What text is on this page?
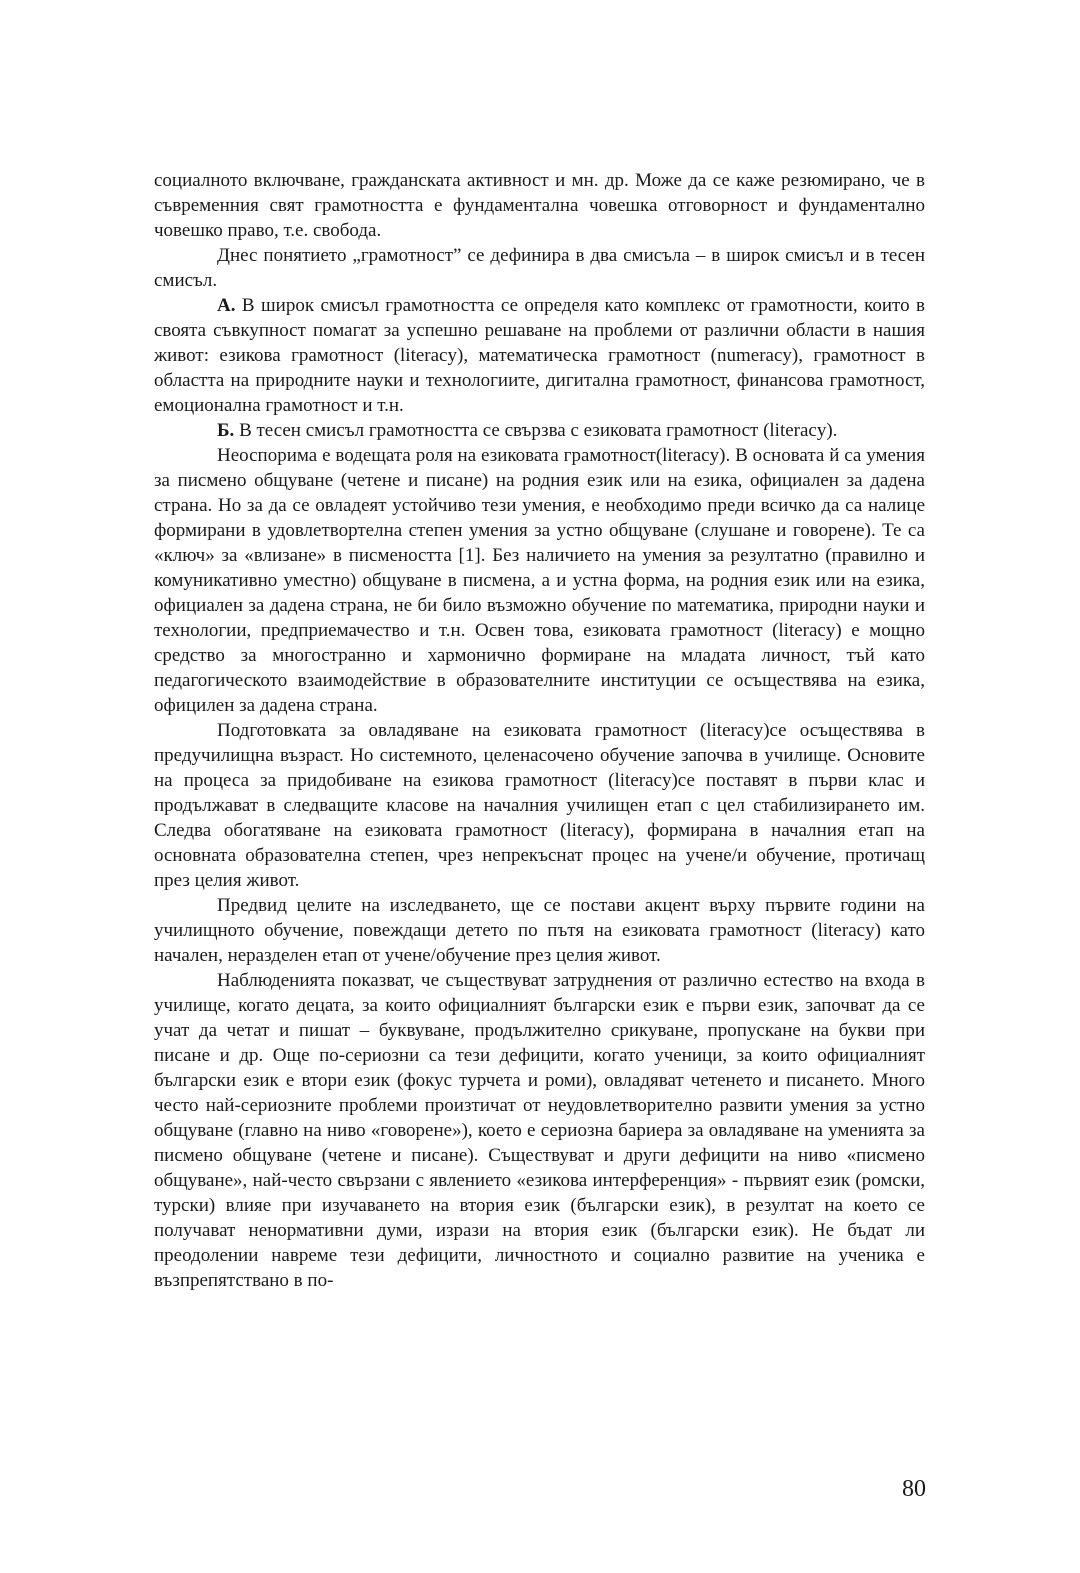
социалното включване, гражданската активност и мн. др. Може да се каже резюмирано, че в съвременния свят грамотността е фундаментална човешка отговорност и фундаментално човешко право, т.е. свобода.

Днес понятието „грамотност” се дефинира в два смисъла – в широк смисъл и в тесен смисъл.

А. В широк смисъл грамотността се определя като комплекс от грамотности, които в своята съвкупност помагат за успешно решаване на проблеми от различни области в нашия живот: езикова грамотност (literacy), математическа грамотност (numeracy), грамотност в областта на природните науки и технологиите, дигитална грамотност, финансова грамотност, емоционална грамотност и т.н.

Б. В тесен смисъл грамотността се свързва с езиковата грамотност (literacy).

Неоспорима е водещата роля на езиковата грамотност(literacy). В основата й са умения за писмено общуване (четене и писане) на родния език или на езика, официален за дадена страна. Но за да се овладеят устойчиво тези умения, е необходимо преди всичко да са налице формирани в удовлетвортелна степен умения за устно общуване (слушане и говорене). Те са «ключ» за «влизане» в писмеността [1]. Без наличието на умения за резултатно (правилно и комуникативно уместно) общуване в писмена, а и устна форма, на родния език или на езика, официален за дадена страна, не би било възможно обучение по математика, природни науки и технологии, предприемачество и т.н. Освен това, езиковата грамотност (literacy) е мощно средство за многостранно и хармонично формиране на младата личност, тъй като педагогическото взаимодействие в образователните институции се осъществява на езика, официлен за дадена страна.

Подготовката за овладяване на езиковата грамотност (literacy)се осъществява в предучилищна възраст. Но системното, целенасочено обучение започва в училище. Основите на процеса за придобиване на езикова грамотност (literacy)се поставят в първи клас и продължават в следващите класове на началния училищен етап с цел стабилизирането им. Следва обогатяване на езиковата грамотност (literacy), формирана в началния етап на основната образователна степен, чрез непрекъснат процес на учене/и обучение, протичащ през целия живот.

Предвид целите на изследването, ще се постави акцент върху първите години на училищното обучение, повеждащи детето по пътя на езиковата грамотност (literacy) като начален, неразделен етап от учене/обучение през целия живот.

Наблюденията показват, че съществуват затруднения от различно естество на входа в училище, когато децата, за които официалният български език е първи език, започват да се учат да четат и пишат – буквуване, продължително срикуване, пропускане на букви при писане и др. Още по-сериозни са тези дефицити, когато ученици, за които официалният български език е втори език (фокус турчета и роми), овладяват четенето и писането. Много често най-сериозните проблеми произтичат от неудовлетворително развити умения за устно общуване (главно на ниво «говорене»), което е сериозна бариера за овладяване на уменията за писмено общуване (четене и писане). Съществуват и други дефицити на ниво «писмено общуване», най-често свързани с явлението «езикова интерференция» - първият език (ромски, турски) влияе при изучаването на втория език (български език), в резултат на което се получават ненормативни думи, изрази на втория език (български език). Не бъдат ли преодолении навреме тези дефицити, личностното и социално развитие на ученика е възпрепятствано в по-

80
